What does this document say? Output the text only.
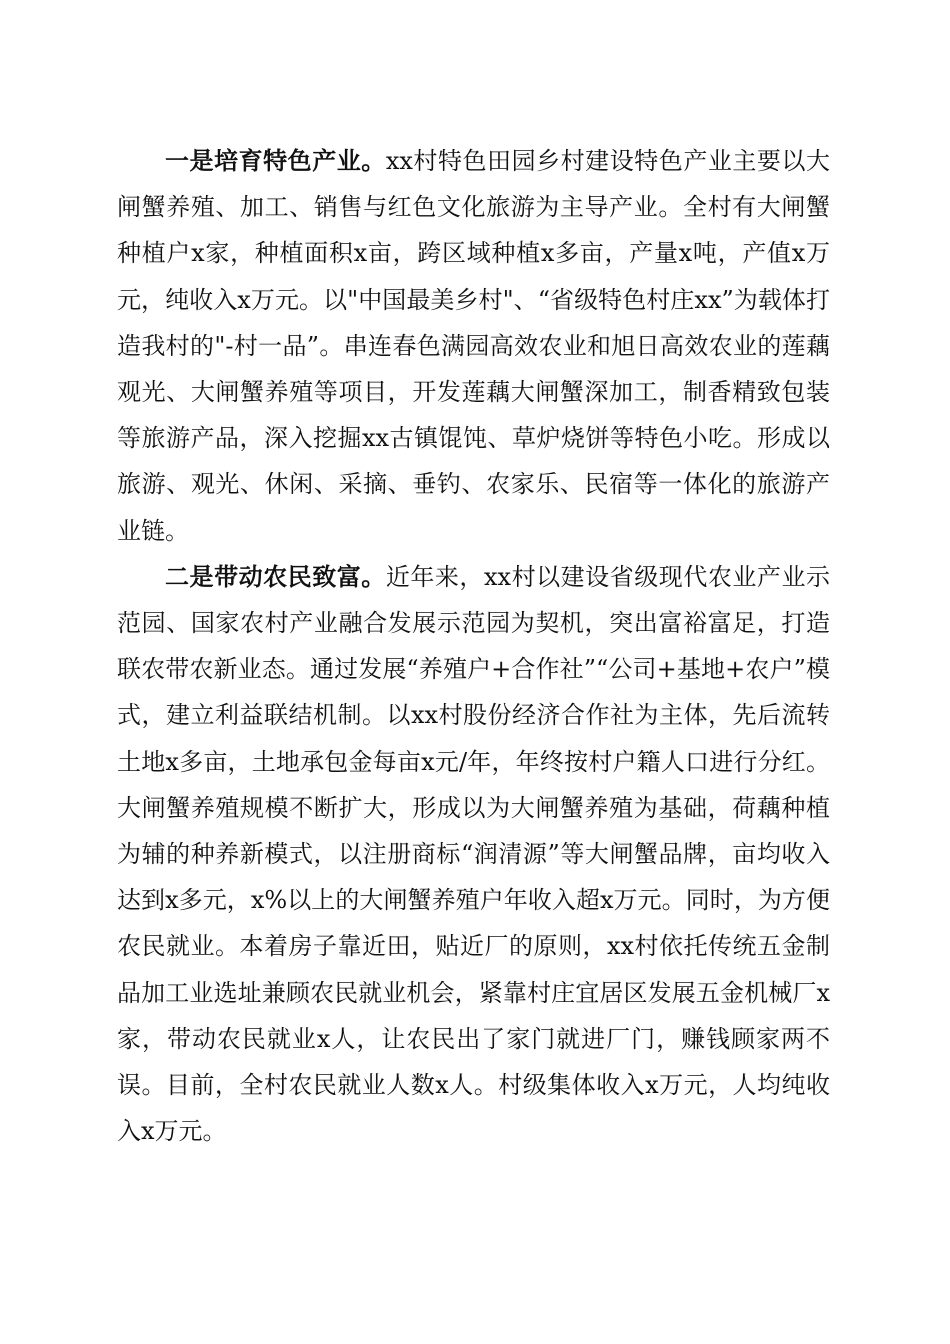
一是培育特色产业。xx村特色田园乡村建设特色产业主要以大闸蟹养殖、加工、销售与红色文化旅游为主导产业。全村有大闸蟹种植户x家，种植面积x亩，跨区域种植x多亩，产量x吨，产值x万元，纯收入x万元。以"中国最美乡村"、“省级特色村庄xx”为载体打造我村的"-村一品”。串连春色满园高效农业和旭日高效农业的莲藕观光、大闸蟹养殖等项目，开发莲藕大闸蟹深加工，制香精致包装等旅游产品，深入挖掘xx古镇馄饨、草炉烧饼等特色小吃。形成以旅游、观光、休闲、采摘、垂钓、农家乐、民宿等一体化的旅游产业链。

二是带动农民致富。近年来，xx村以建设省级现代农业产业示范园、国家农村产业融合发展示范园为契机，突出富裕富足，打造联农带农新业态。通过发展“养殖户+合作社”“公司+基地+农户”模式，建立利益联结机制。以xx村股份经济合作社为主体，先后流转土地x多亩，土地承包金每亩x元/年，年终按村户籍人口进行分红。大闸蟹养殖规模不断扩大，形成以为大闸蟹养殖为基础，荷藕种植为辅的种养新模式，以注册商标“润清源”等大闸蟹品牌，亩均收入达到x多元，x%以上的大闸蟹养殖户年收入超x万元。同时，为方便农民就业。本着房子靠近田，贴近厂的原则，xx村依托传统五金制品加工业选址兼顾农民就业机会，紧靠村庄宜居区发展五金机械厂x家，带动农民就业x人，让农民出了家门就进厂门，赚钱顾家两不误。目前，全村农民就业人数x人。村级集体收入x万元，人均纯收入x万元。
